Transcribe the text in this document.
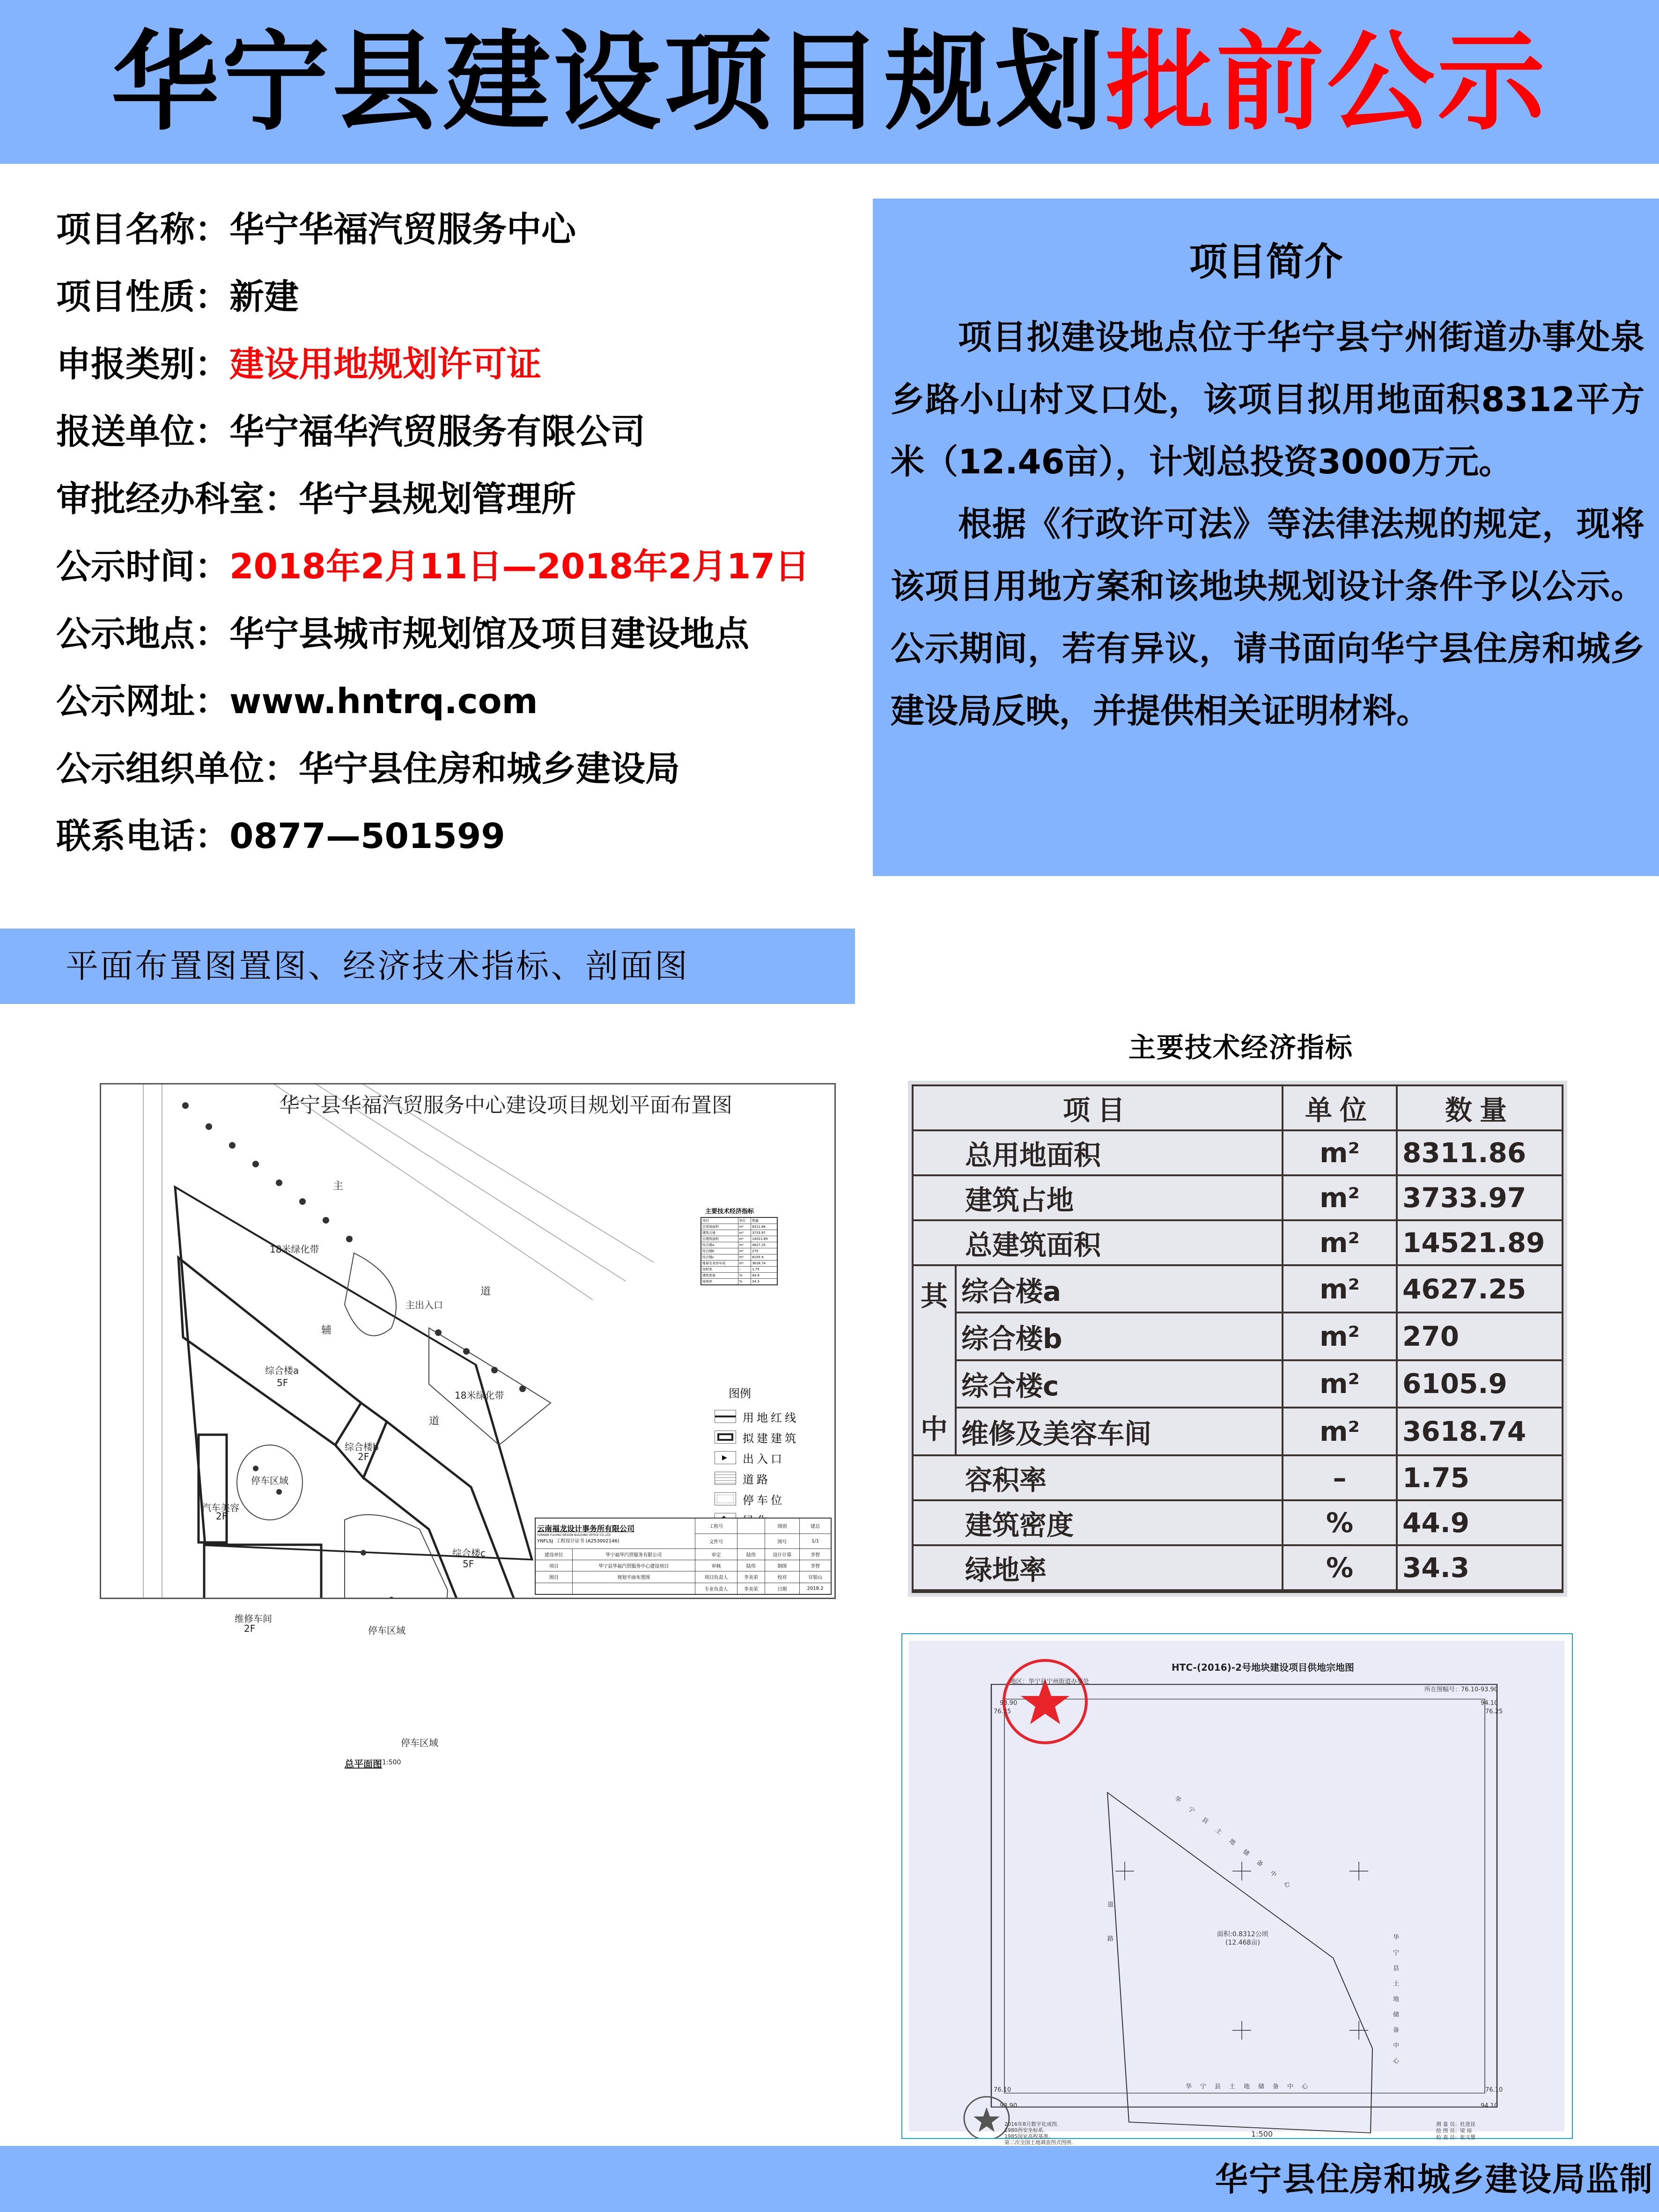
华宁县建设项目规划批前公示
项目名称：华宁华福汽贸服务中心
项目性质：新建
申报类别：建设用地规划许可证
报送单位：华宁福华汽贸服务有限公司
审批经办科室：华宁县规划管理所
公示时间：2018年2月11日—2018年2月17日
公示地点：华宁县城市规划馆及项目建设地点
公示网址：www.hntrq.com
公示组织单位：华宁县住房和城乡建设局
联系电话：0877—501599
项目简介

项目拟建设地点位于华宁县宁州街道办事处泉乡路小山村叉口处，该项目拟用地面积8312平方米（12.46亩），计划总投资3000万元。

根据《行政许可法》等法律法规的规定，现将该项目用地方案和该地块规划设计条件予以公示。公示期间，若有异议，请书面向华宁县住房和城乡建设局反映，并提供相关证明材料。

平面布置图置图、经济技术指标、剖面图
主要技术经济指标
华宁县华福汽贸服务中心建设项目规划平面布置图
主
道
辅
道
18米绿化带
18米绿化带
主出入口
综合楼a
5F
综合楼b
2F
综合楼c
5F
汽车美容
2F
维修车间
2F
停车区域
停车区域
停车区域
总平面图 1:500
主要技术经济指标
项目	单位	数量
总用地面积	m²	8311.86
建筑占地	m²	3733.97
总建筑面积	m²	14521.89
综合楼a	m²	4627.25
综合楼b	m²	270
综合楼c	m²	6105.9
维修及美容车间	m²	3618.74
容积率	–	1.75
建筑密度	%	44.9
绿地率	%	34.3
图例
用地红线
拟建建筑
▶ 出入口
道路
停车位
云南福龙设计事务所有限公司
YUNNAN FULONG DESIGN BUILDING OFFICE CO.,LTD
YNFLSJ 工程设计证书 (A253002146)		工程号		图别	建总
		文件号		图号	1/1
建设单位	华宁福华汽贸服务有限公司	审定	陆伟	设计计算	李智
项目	华宁县华福汽贸服务中心建设项目	审核	陆伟	制图	李智
图目	规划平面布置图	项目负责人	李美荣	校对	官银山
		专业负责人	李美荣	日期	2018.2
项目		单位	数量
总用地面积		m²	8311.86
建筑占地		m²	3733.97
总建筑面积		m²	14521.89

其
中	综合楼a	m²	4627.25
	综合楼b	m²	270
	综合楼c	m²	6105.9
	维修及美容车间	m²	3618.74
容积率		–	1.75
建筑密度		%	44.9
绿地率		%	34.3

HTC-(2016)-2号地块建设项目供地宗地图
地区：华宁县宁州街道办事处
所在图幅号：76.10-93.90
93.90
76.25
94.10
76.25
76.10
93.90
76.10
94.10
面积:0.8312公顷
(12.468亩)
华宁县土地储备中心
华宁县土地储备中心
华宁县土地储备中心
道路
1:500
2016年8月数字化成图.
1980西安坐标系.
1985国家高程基准.
第二次全国土地调查图式图例.
测 量 员：杜进昆
绘 图 员：梁 琼
检 查 员：张文慧
华宁县住房和城乡建设局监制
